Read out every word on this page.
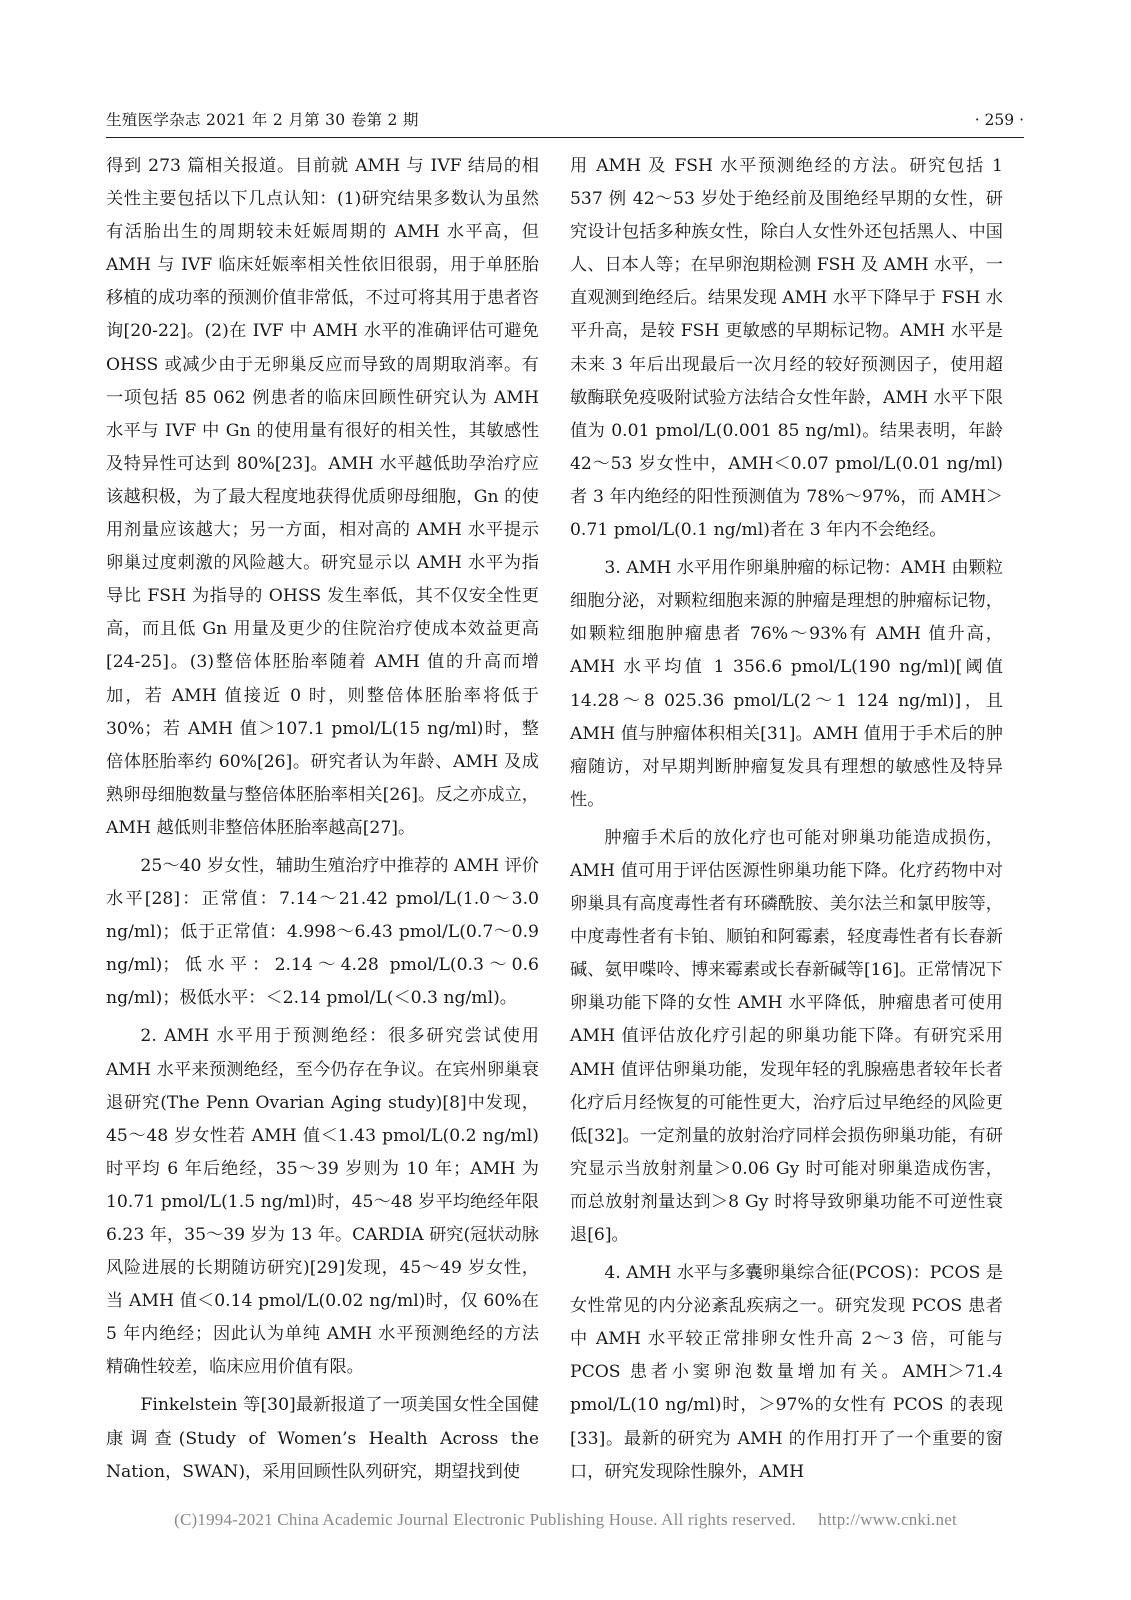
生殖医学杂志 2021 年 2 月第 30 卷第 2 期	· 259 ·

得到 273 篇相关报道。目前就 AMH 与 IVF 结局的相关性主要包括以下几点认知：(1)研究结果多数认为虽然有活胎出生的周期较未妊娠周期的 AMH 水平高，但 AMH 与 IVF 临床妊娠率相关性依旧很弱，用于单胚胎移植的成功率的预测价值非常低，不过可将其用于患者咨询[20-22]。(2)在 IVF 中 AMH 水平的准确评估可避免 OHSS 或减少由于无卵巢反应而导致的周期取消率。有一项包括 85 062 例患者的临床回顾性研究认为 AMH 水平与 IVF 中 Gn 的使用量有很好的相关性，其敏感性及特异性可达到 80%[23]。AMH 水平越低助孕治疗应该越积极，为了最大程度地获得优质卵母细胞，Gn 的使用剂量应该越大；另一方面，相对高的 AMH 水平提示卵巢过度刺激的风险越大。研究显示以 AMH 水平为指导比 FSH 为指导的 OHSS 发生率低，其不仅安全性更高，而且低 Gn 用量及更少的住院治疗使成本效益更高[24-25]。(3)整倍体胚胎率随着 AMH 值的升高而增加，若 AMH 值接近 0 时，则整倍体胚胎率将低于 30%；若 AMH 值＞107.1 pmol/L(15 ng/ml)时，整倍体胚胎率约 60%[26]。研究者认为年龄、AMH 及成熟卵母细胞数量与整倍体胚胎率相关[26]。反之亦成立，AMH 越低则非整倍体胚胎率越高[27]。

25～40 岁女性，辅助生殖治疗中推荐的 AMH 评价水平[28]：正常值：7.14～21.42 pmol/L(1.0～3.0 ng/ml)；低于正常值：4.998～6.43 pmol/L(0.7～0.9 ng/ml)；低水平：2.14～4.28 pmol/L(0.3～0.6 ng/ml)；极低水平：＜2.14 pmol/L(＜0.3 ng/ml)。

2. AMH 水平用于预测绝经：很多研究尝试使用 AMH 水平来预测绝经，至今仍存在争议。在宾州卵巢衰退研究(The Penn Ovarian Aging study)[8]中发现，45～48 岁女性若 AMH 值＜1.43 pmol/L(0.2 ng/ml)时平均 6 年后绝经，35～39 岁则为 10 年；AMH 为 10.71 pmol/L(1.5 ng/ml)时，45～48 岁平均绝经年限 6.23 年，35～39 岁为 13 年。CARDIA 研究(冠状动脉风险进展的长期随访研究)[29]发现，45～49 岁女性，当 AMH 值＜0.14 pmol/L(0.02 ng/ml)时，仅 60%在 5 年内绝经；因此认为单纯 AMH 水平预测绝经的方法精确性较差，临床应用价值有限。

Finkelstein 等[30]最新报道了一项美国女性全国健康调查(Study of Women’s Health Across the Nation，SWAN)，采用回顾性队列研究，期望找到使

用 AMH 及 FSH 水平预测绝经的方法。研究包括 1 537 例 42～53 岁处于绝经前及围绝经早期的女性，研究设计包括多种族女性，除白人女性外还包括黑人、中国人、日本人等；在早卵泡期检测 FSH 及 AMH 水平，一直观测到绝经后。结果发现 AMH 水平下降早于 FSH 水平升高，是较 FSH 更敏感的早期标记物。AMH 水平是未来 3 年后出现最后一次月经的较好预测因子，使用超敏酶联免疫吸附试验方法结合女性年龄，AMH 水平下限值为 0.01 pmol/L(0.001 85 ng/ml)。结果表明，年龄 42～53 岁女性中，AMH＜0.07 pmol/L(0.01 ng/ml)者 3 年内绝经的阳性预测值为 78%～97%，而 AMH＞0.71 pmol/L(0.1 ng/ml)者在 3 年内不会绝经。

3. AMH 水平用作卵巢肿瘤的标记物：AMH 由颗粒细胞分泌，对颗粒细胞来源的肿瘤是理想的肿瘤标记物，如颗粒细胞肿瘤患者 76%～93%有 AMH 值升高，AMH 水平均值 1 356.6 pmol/L(190 ng/ml)[阈值 14.28～8 025.36 pmol/L(2～1 124 ng/ml)]，且 AMH 值与肿瘤体积相关[31]。AMH 值用于手术后的肿瘤随访，对早期判断肿瘤复发具有理想的敏感性及特异性。

肿瘤手术后的放化疗也可能对卵巢功能造成损伤，AMH 值可用于评估医源性卵巢功能下降。化疗药物中对卵巢具有高度毒性者有环磷酰胺、美尔法兰和氯甲胺等，中度毒性者有卡铂、顺铂和阿霉素，轻度毒性者有长春新碱、氨甲喋呤、博来霉素或长春新碱等[16]。正常情况下卵巢功能下降的女性 AMH 水平降低，肿瘤患者可使用 AMH 值评估放化疗引起的卵巢功能下降。有研究采用 AMH 值评估卵巢功能，发现年轻的乳腺癌患者较年长者化疗后月经恢复的可能性更大，治疗后过早绝经的风险更低[32]。一定剂量的放射治疗同样会损伤卵巢功能，有研究显示当放射剂量＞0.06 Gy 时可能对卵巢造成伤害，而总放射剂量达到＞8 Gy 时将导致卵巢功能不可逆性衰退[6]。

4. AMH 水平与多囊卵巢综合征(PCOS)：PCOS 是女性常见的内分泌紊乱疾病之一。研究发现 PCOS 患者中 AMH 水平较正常排卵女性升高 2～3 倍，可能与 PCOS 患者小窦卵泡数量增加有关。AMH＞71.4 pmol/L(10 ng/ml)时，＞97%的女性有 PCOS 的表现[33]。最新的研究为 AMH 的作用打开了一个重要的窗口，研究发现除性腺外，AMH

(C)1994-2021 China Academic Journal Electronic Publishing House. All rights reserved. http://www.cnki.net
